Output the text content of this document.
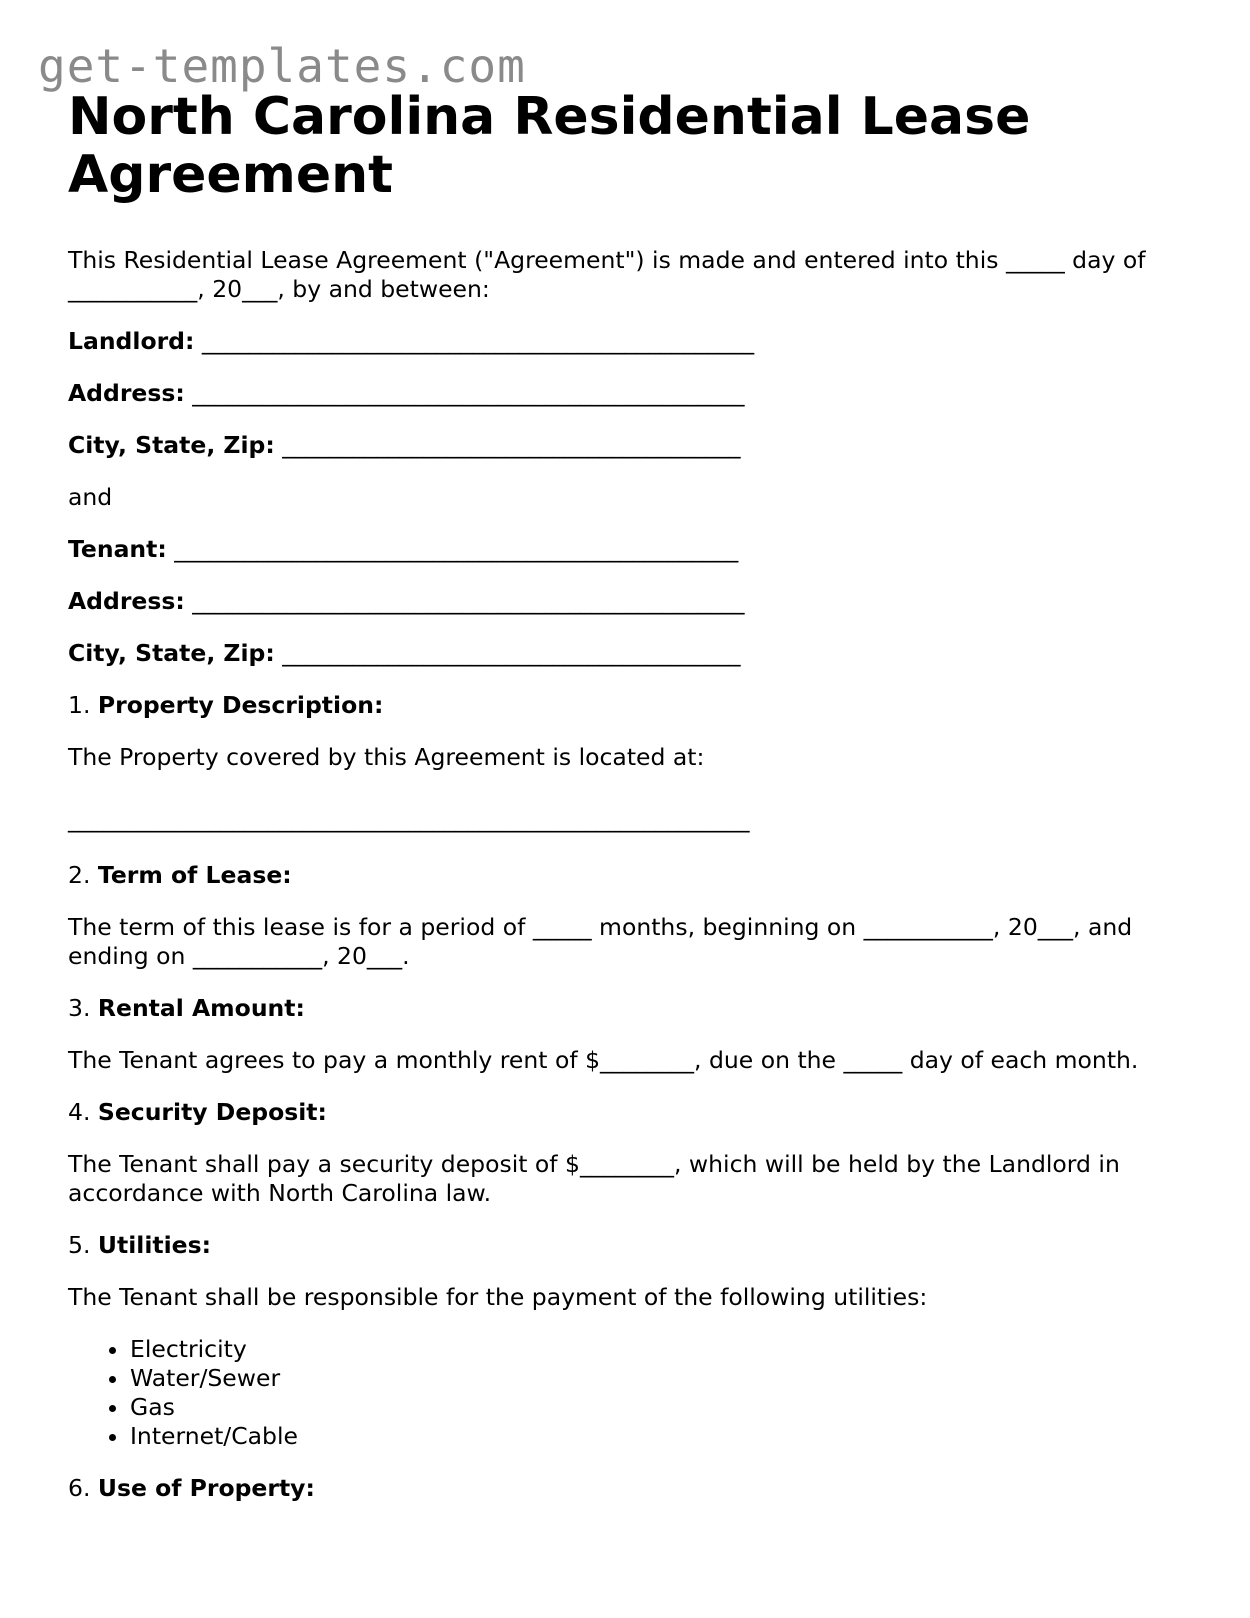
get-templates.com
North Carolina Residential Lease Agreement

This Residential Lease Agreement ("Agreement") is made and entered into this _____ day of ___________, 20___, by and between:

Landlord: _______________________________________________
Address: _______________________________________________
City, State, Zip: _______________________________________

and

Tenant: ________________________________________________
Address: _______________________________________________
City, State, Zip: _______________________________________
1. Property Description:

The Property covered by this Agreement is located at:

__________________________________________________________
2. Term of Lease:

The term of this lease is for a period of _____ months, beginning on ___________, 20___, and ending on ___________, 20___.

3. Rental Amount:

The Tenant agrees to pay a monthly rent of $________, due on the _____ day of each month.

4. Security Deposit:

The Tenant shall pay a security deposit of $________, which will be held by the Landlord in accordance with North Carolina law.

5. Utilities:

The Tenant shall be responsible for the payment of the following utilities:

• Electricity
• Water/Sewer
• Gas
• Internet/Cable
6. Use of Property:
